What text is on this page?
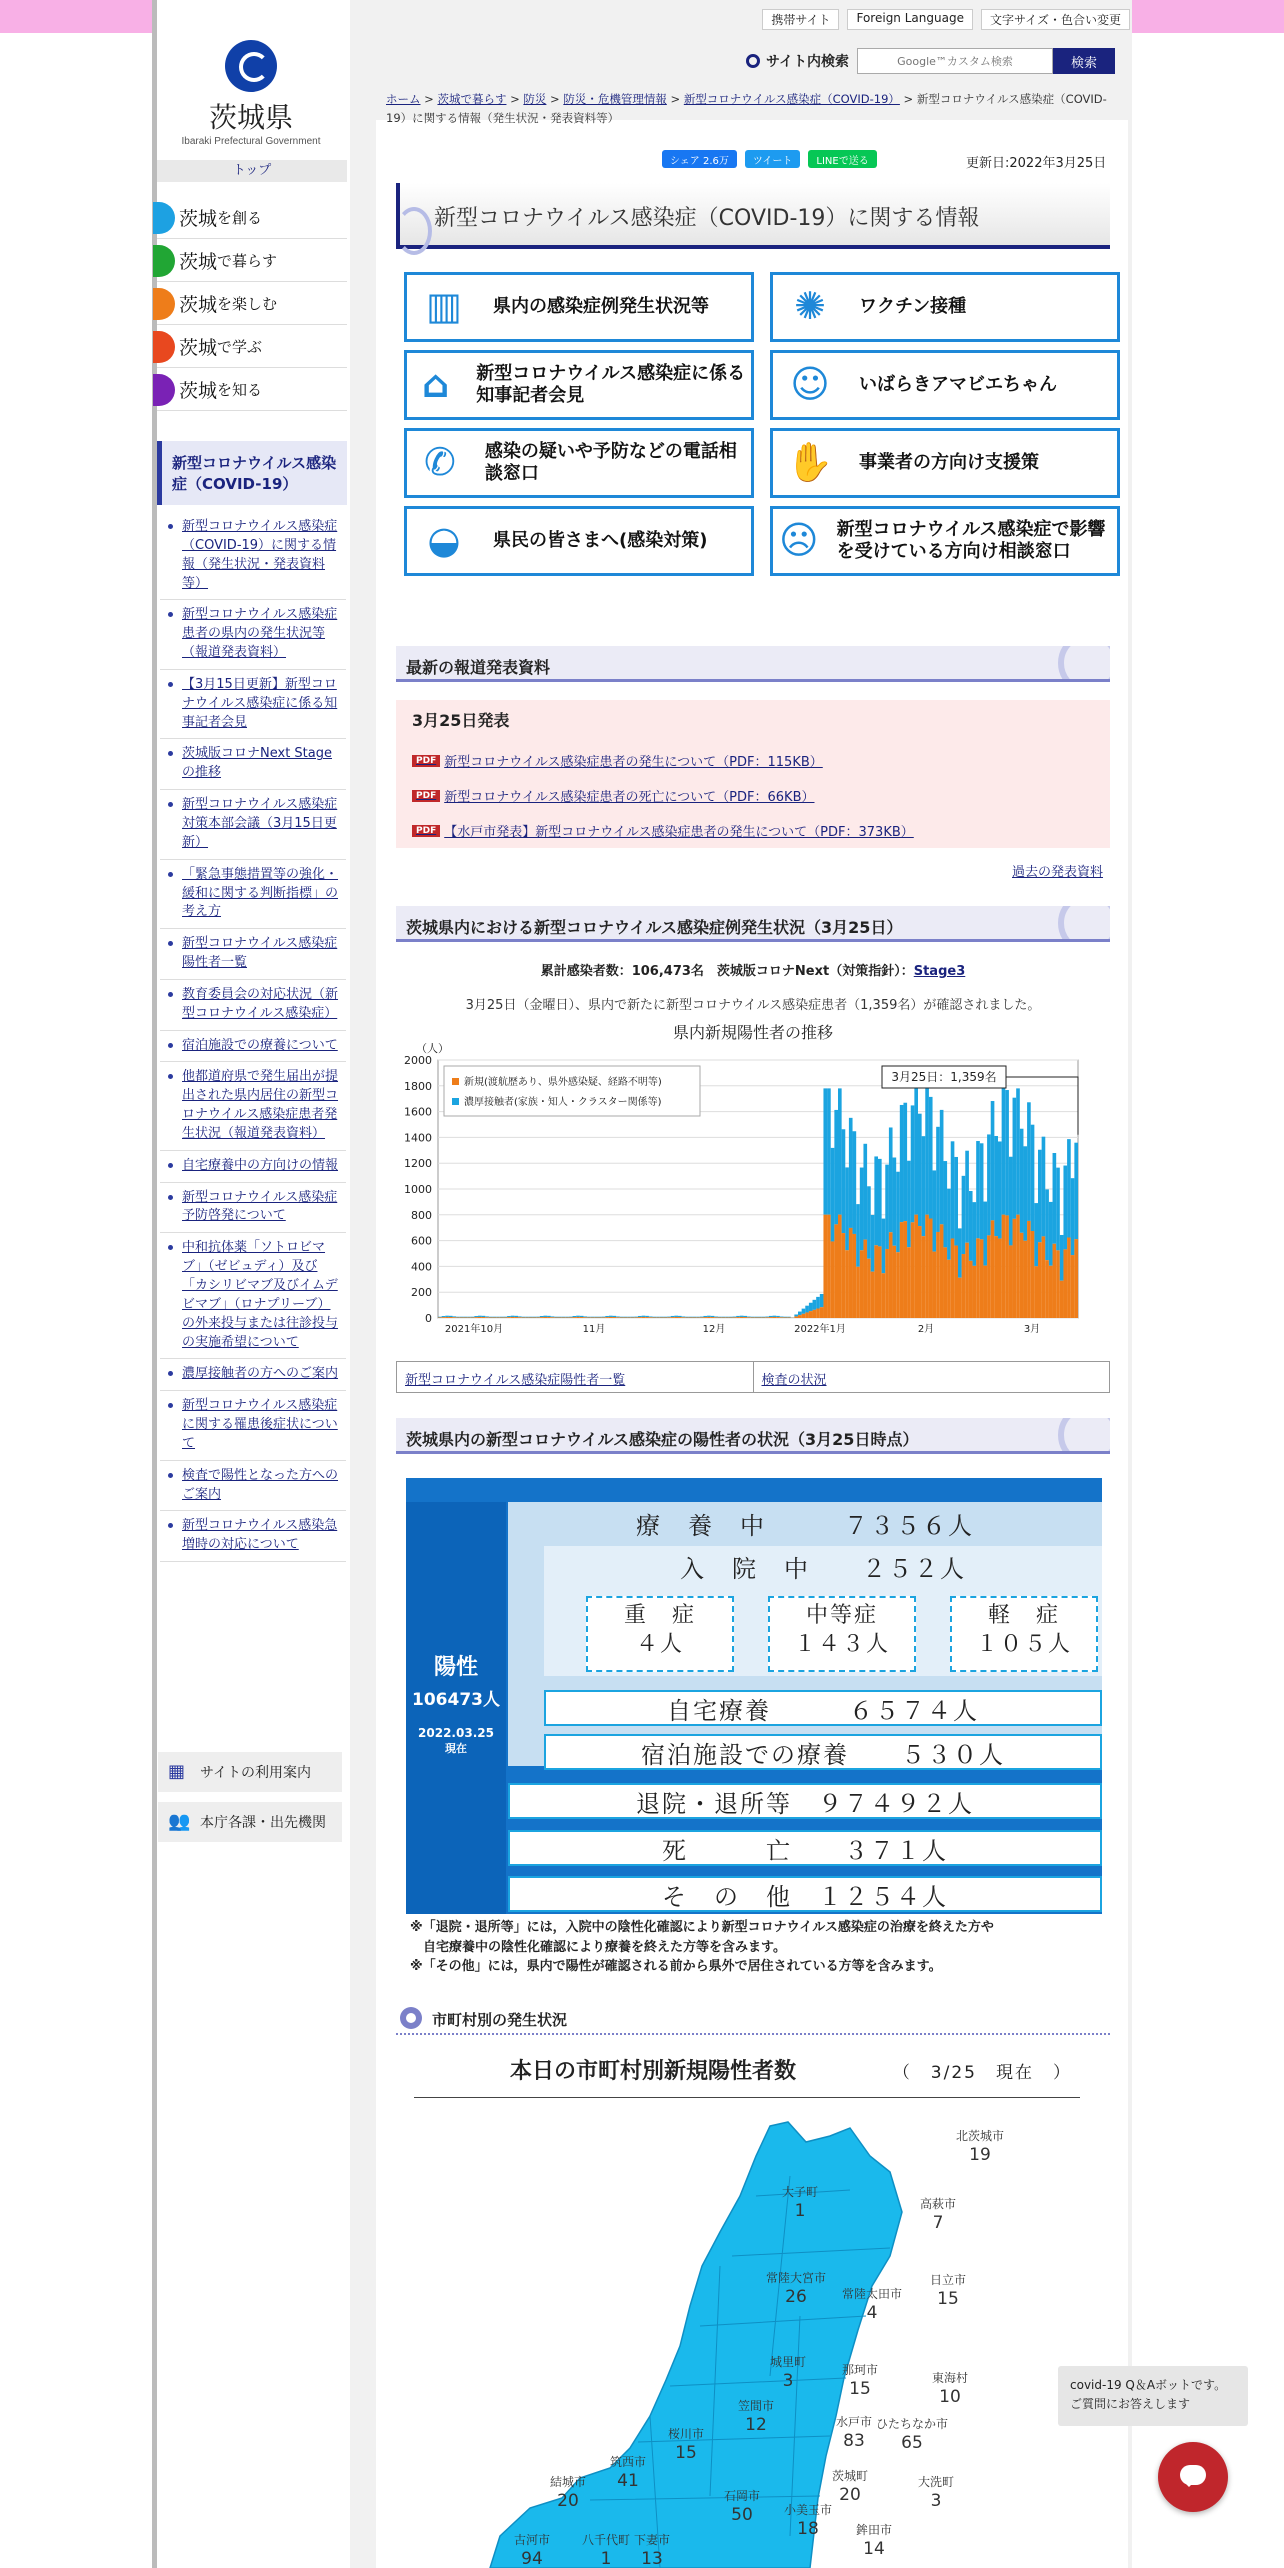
携帯サイト	Foreign Language	文字サイズ・色合い変更
茨城県
Ibaraki Prefectural Government
トップ
茨城 を創る
茨城 で暮らす
茨城 を楽しむ
茨城 で学ぶ
茨城 を知る
新型コロナウイルス感染症（COVID-19）
新型コロナウイルス感染症（COVID-19）に関する情報（発生状況・発表資料等）
新型コロナウイルス感染症患者の県内の発生状況等（報道発表資料）
【3月15日更新】新型コロナウイルス感染症に係る知事記者会見
茨城版コロナNext Stageの推移
新型コロナウイルス感染症対策本部会議（3月15日更新）
「緊急事態措置等の強化・緩和に関する判断指標」の考え方
新型コロナウイルス感染症陽性者一覧
教育委員会の対応状況（新型コロナウイルス感染症）
宿泊施設での療養について
他都道府県で発生届出が提出された県内居住の新型コロナウイルス感染症患者発生状況（報道発表資料）
自宅療養中の方向けの情報
新型コロナウイルス感染症予防啓発について
中和抗体薬「ソトロビマブ」（ゼビュディ）及び「カシリビマブ及びイムデビマブ」（ロナプリーブ）の外来投与または往診投与の実施希望について
濃厚接触者の方へのご案内
新型コロナウイルス感染症に関する罹患後症状について
検査で陽性となった方へのご案内
新型コロナウイルス感染急増時の対応について
▦	サイトの利用案内
👥 本庁各課・出先機関
サイト内検索
Google™カスタム検索	検索
ホーム > 茨城で暮らす > 防災 > 防災・危機管理情報 > 新型コロナウイルス感染症（COVID-19） > 新型コロナウイルス感染症（COVID-19）に関する情報（発生状況・発表資料等）
シェア 2.6万	ツイート	LINEで送る	更新日:2022年3月25日
新型コロナウイルス感染症（COVID-19）に関する情報
▥	県内の感染症例発生状況等	✺	ワクチン接種
⌂	新型コロナウイルス感染症に係る知事記者会見	☺	いばらきアマビエちゃん
✆	感染の疑いや予防などの電話相談窓口	✋	事業者の方向け支援策
◒	県民の皆さまへ(感染対策) ☹ 新型コロナウイルス感染症で影響を受けている方向け相談窓口
最新の報道発表資料
3月25日発表
PDF 新型コロナウイルス感染症患者の発生について（PDF：115KB）
PDF 新型コロナウイルス感染症患者の死亡について（PDF：66KB）
PDF 【水戸市発表】新型コロナウイルス感染症患者の発生について（PDF：373KB）
過去の発表資料
茨城県内における新型コロナウイルス感染症例発生状況（3月25日）
累計感染者数：106,473名　茨城版コロナNext（対策指針）：Stage3
3月25日（金曜日）、県内で新たに新型コロナウイルス感染症患者（1,359名）が確認されました。
県内新規陽性者の推移
（人）
0
200
400
600
800
1000
1200
1400
1600
1800
2000
2021年10月	11月	12月	2022年1月	2月	3月
新規(渡航歴あり、県外感染疑、経路不明等)
濃厚接触者(家族・知人・クラスター関係等)
3月25日：1,359名
新型コロナウイルス感染症陽性者一覧	検査の状況
茨城県内の新型コロナウイルス感染症の陽性者の状況（3月25日時点）
陽性
106473人
2022.03.25
現在
療　養　中　　　７３５６人
入　院　中　　２５２人
重　症
４人
中等症
１４３人
軽　症
１０５人
自宅療養　　　６５７４人
宿泊施設での療養　　５３０人
退院・退所等　９７４９２人
死　　　亡　　３７１人
そ　の　他　１２５４人
※「退院・退所等」には，入院中の陰性化確認により新型コロナウイルス感染症の治療を終えた方や
　自宅療養中の陰性化確認により療養を終えた方等を含みます。
※「その他」には，県内で陽性が確認される前から県外で居住されている方等を含みます。
市町村別の発生状況
本日の市町村別新規陽性者数	（　3/25　現在　）
北茨城市
19
大子町
1	高萩市
7
常陸大宮市
26
日立市
15
常陸太田市
4
城里町
3
那珂市
15
東海村
10
笠間市
12	水戸市
83
ひたちなか市
65
桜川市
15
筑西市
41	茨城町
20
大洗町
3
結城市
20	石岡市
50	小美玉市
18	鉾田市
14
古河市
94
八千代町
1
下妻市
13
covid-19 Q＆Aボットです。
ご質問にお答えします
